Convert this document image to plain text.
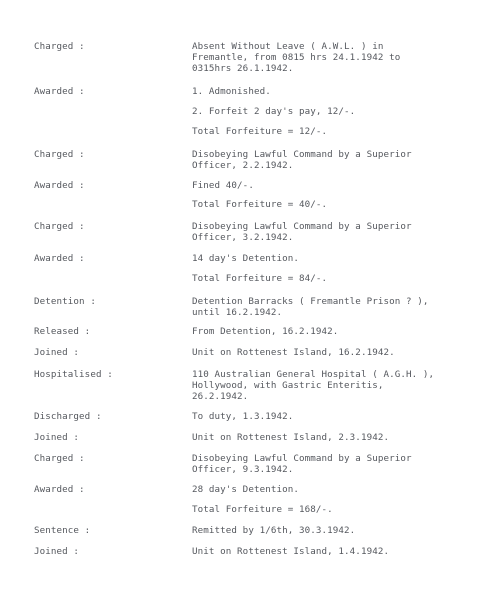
Charged :	Absent Without Leave ( A.W.L. ) in
Fremantle, from 0815 hrs 24.1.1942 to
0315hrs 26.1.1942.
Awarded :	1. Admonished.
2. Forfeit 2 day's pay, 12/-.
Total Forfeiture = 12/-.
Charged :	Disobeying Lawful Command by a Superior
Officer, 2.2.1942.
Awarded :	Fined 40/-.
Total Forfeiture = 40/-.
Charged :	Disobeying Lawful Command by a Superior
Officer, 3.2.1942.
Awarded :	14 day's Detention.
Total Forfeiture = 84/-.
Detention :	Detention Barracks ( Fremantle Prison ? ),
until 16.2.1942.
Released :	From Detention, 16.2.1942.
Joined :	Unit on Rottenest Island, 16.2.1942.
Hospitalised :	110 Australian General Hospital ( A.G.H. ),
Hollywood, with Gastric Enteritis,
26.2.1942.
Discharged :	To duty, 1.3.1942.
Joined :	Unit on Rottenest Island, 2.3.1942.
Charged :	Disobeying Lawful Command by a Superior
Officer, 9.3.1942.
Awarded :	28 day's Detention.
Total Forfeiture = 168/-.
Sentence :	Remitted by 1/6th, 30.3.1942.
Joined :	Unit on Rottenest Island, 1.4.1942.
